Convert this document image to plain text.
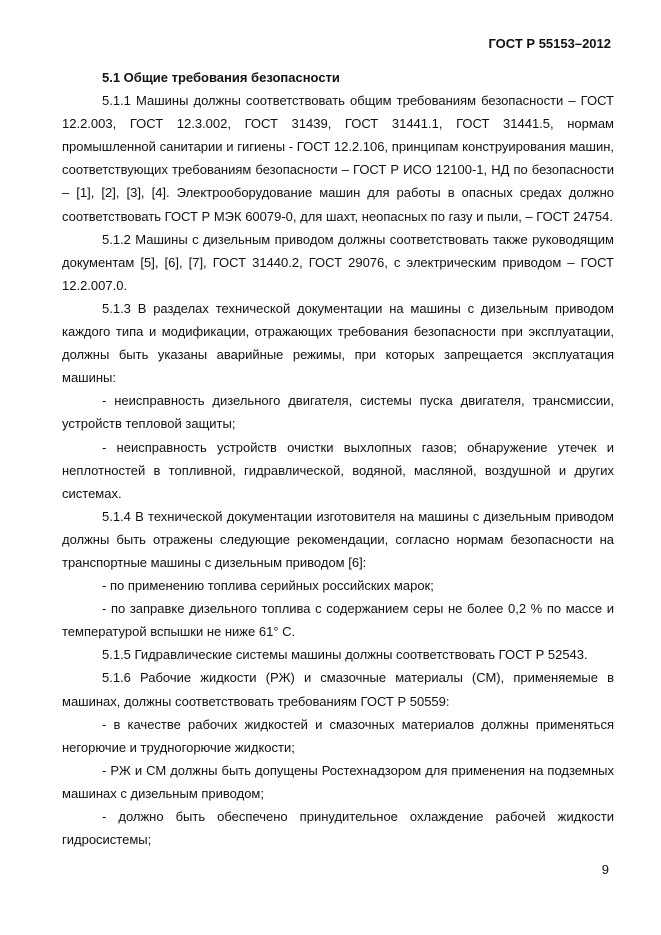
ГОСТ Р 55153–2012

5.1 Общие требования безопасности

5.1.1 Машины должны соответствовать общим требованиям безопасности – ГОСТ 12.2.003, ГОСТ 12.3.002, ГОСТ 31439, ГОСТ 31441.1, ГОСТ 31441.5, нормам промышленной санитарии и гигиены - ГОСТ 12.2.106, принципам конструирования машин, соответствующих требованиям безопасности – ГОСТ Р ИСО 12100-1, НД по безопасности – [1], [2], [3], [4]. Электрооборудование машин для работы в опасных средах должно соответствовать ГОСТ Р МЭК 60079-0, для шахт, неопасных по газу и пыли, – ГОСТ 24754.

5.1.2 Машины с дизельным приводом должны соответствовать также руководящим документам [5], [6], [7], ГОСТ 31440.2, ГОСТ 29076, с электрическим приводом – ГОСТ 12.2.007.0.

5.1.3 В разделах технической документации на машины с дизельным приводом каждого типа и модификации, отражающих требования безопасности при эксплуатации, должны быть указаны аварийные режимы, при которых запрещается эксплуатация машины:

- неисправность дизельного двигателя, системы пуска двигателя, трансмиссии, устройств тепловой защиты;

- неисправность устройств очистки выхлопных газов; обнаружение утечек и неплотностей в топливной, гидравлической, водяной, масляной, воздушной и других системах.

5.1.4 В технической документации изготовителя на машины с дизельным приводом должны быть отражены следующие рекомендации, согласно нормам безопасности на транспортные машины с дизельным приводом [6]:

- по применению топлива серийных российских марок;

- по заправке дизельного топлива с содержанием серы не более 0,2 % по массе и температурой вспышки не ниже 61° С.

5.1.5 Гидравлические системы машины должны соответствовать ГОСТ Р 52543.

5.1.6 Рабочие жидкости (РЖ) и смазочные материалы (СМ), применяемые в машинах, должны соответствовать требованиям ГОСТ Р 50559:

- в качестве рабочих жидкостей и смазочных материалов должны применяться негорючие и трудногорючие жидкости;

- РЖ и СМ должны быть допущены Ростехнадзором для применения на подземных машинах с дизельным приводом;

- должно быть обеспечено принудительное охлаждение рабочей жидкости гидросистемы;

9
